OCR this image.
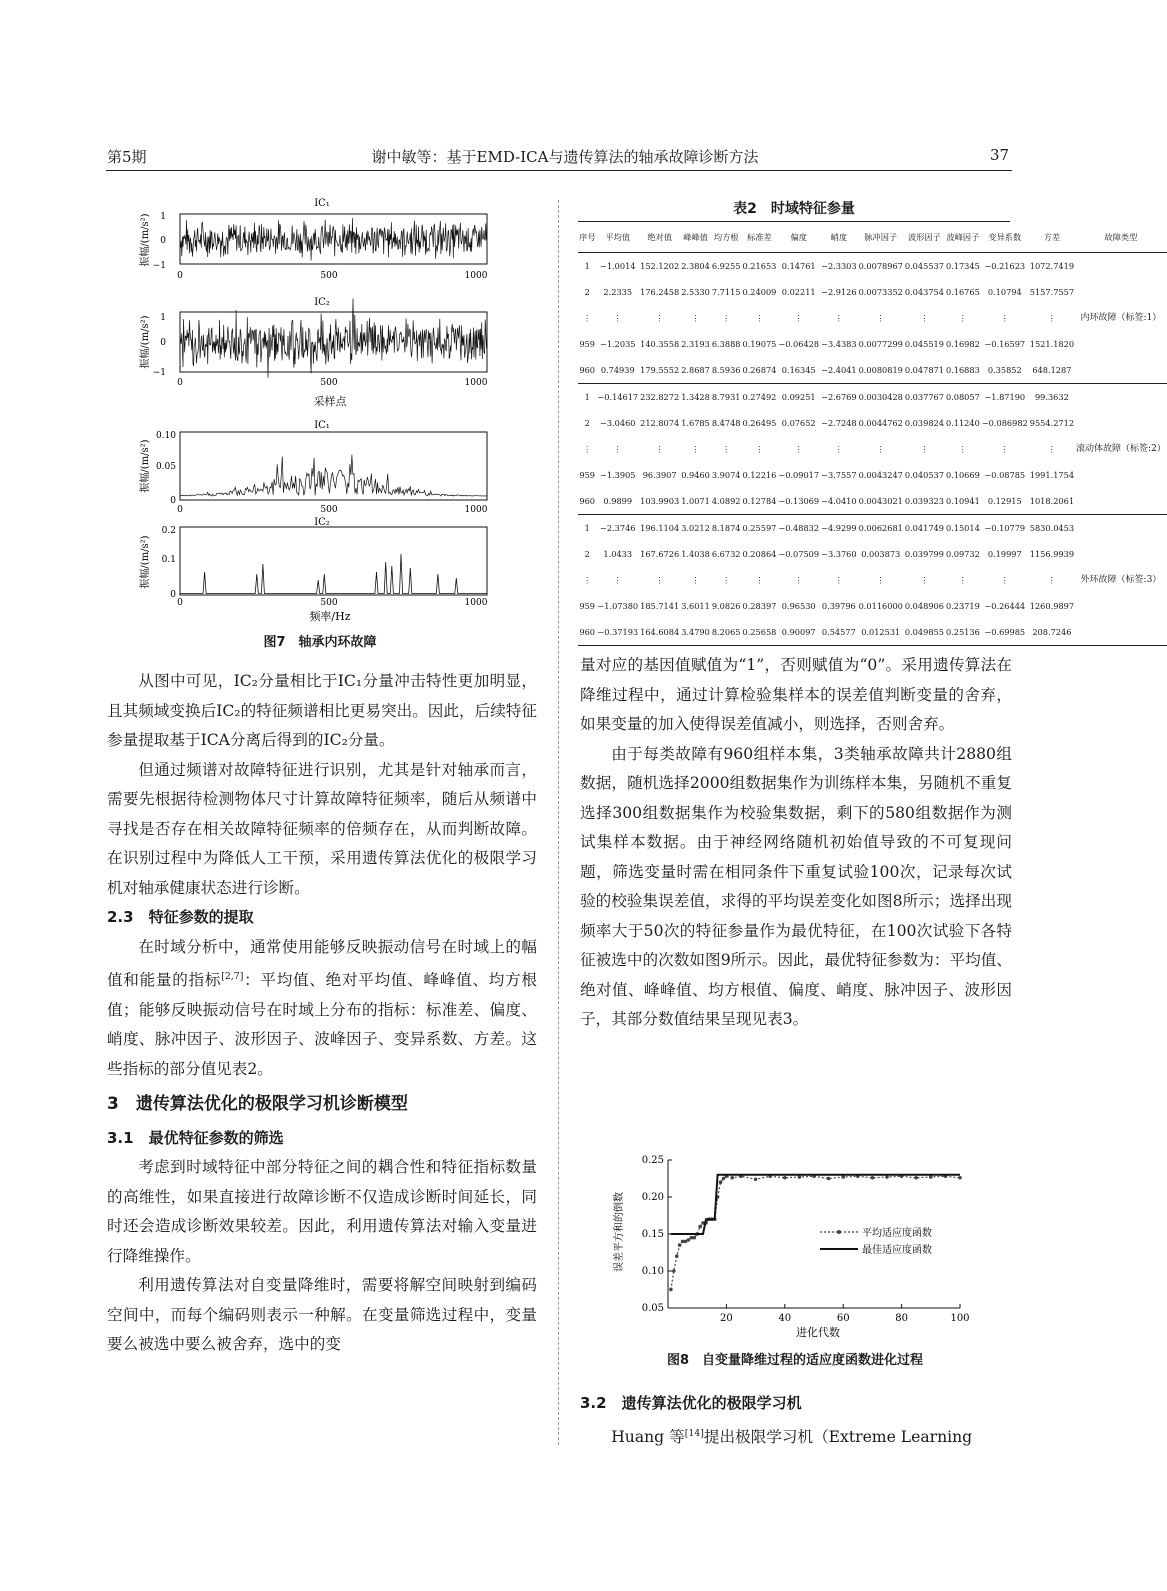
第5期	谢中敏等：基于EMD-ICA与遗传算法的轴承故障诊断方法	37
IC₁
1
0
−1
0	500	1000
振幅/(m/s²)
IC₂
1
0
−1
0	500	1000
采样点
振幅/(m/s²)
IC₁
0.10
0.05
0
0	500	1000
振幅/(m/s²)
IC₂
0.2
0.1
0
0	500	1000
频率/Hz
振幅/(m/s²)
图7　轴承内环故障

从图中可见，IC₂分量相比于IC₁分量冲击特性更加明显，且其频域变换后IC₂的特征频谱相比更易突出。因此，后续特征参量提取基于ICA分离后得到的IC₂分量。

但通过频谱对故障特征进行识别，尤其是针对轴承而言，需要先根据待检测物体尺寸计算故障特征频率，随后从频谱中寻找是否存在相关故障特征频率的倍频存在，从而判断故障。在识别过程中为降低人工干预，采用遗传算法优化的极限学习机对轴承健康状态进行诊断。

2.3　特征参数的提取

在时域分析中，通常使用能够反映振动信号在时域上的幅值和能量的指标[2,7]：平均值、绝对平均值、峰峰值、均方根值；能够反映振动信号在时域上分布的指标：标准差、偏度、峭度、脉冲因子、波形因子、波峰因子、变异系数、方差。这些指标的部分值见表2。

3　遗传算法优化的极限学习机诊断模型

3.1　最优特征参数的筛选

考虑到时域特征中部分特征之间的耦合性和特征指标数量的高维性，如果直接进行故障诊断不仅造成诊断时间延长，同时还会造成诊断效果较差。因此，利用遗传算法对输入变量进行降维操作。

利用遗传算法对自变量降维时，需要将解空间映射到编码空间中，而每个编码则表示一种解。在变量筛选过程中，变量要么被选中要么被舍弃，选中的变

表2　时域特征参量
序号	平均值	绝对值	峰峰值	均方根	标准差	偏度	峭度	脉冲因子	波形因子	波峰因子	变异系数	方差	故障类型
1	−1.0014	152.1202	2.3804	6.9255	0.21653	0.14761	−2.3303	0.0078967	0.045537	0.17345	−0.21623	1072.7419	内环故障（标签:1）
2	2.2335	176.2458	2.5330	7.7115	0.24009	0.02211	−2.9126	0.0073352	0.043754	0.16765	0.10794	5157.7557	
⋮	⋮	⋮	⋮	⋮	⋮	⋮	⋮	⋮	⋮	⋮	⋮	⋮	
959	−1.2035	140.3558	2.3193	6.3888	0.19075	−0.06428	−3.4383	0.0077299	0.045519	0.16982	−0.16597	1521.1820	
960	0.74939	179.5552	2.8687	8.5936	0.26874	0.16345	−2.4041	0.0080819	0.047871	0.16883	0.35852	648.1287	
1	−0.14617	232.8272	1.3428	8.7931	0.27492	0.09251	−2.6769	0.0030428	0.037767	0.08057	−1.87190	99.3632	滚动体故障（标签:2）
2	−3.0460	212.8074	1.6785	8.4748	0.26495	0.07652	−2.7248	0.0044762	0.039824	0.11240	−0.086982	9554.2712	
⋮	⋮	⋮	⋮	⋮	⋮	⋮	⋮	⋮	⋮	⋮	⋮	⋮	
959	−1.3905	96.3907	0.9460	3.9074	0.12216	−0.09017	−3.7557	0.0043247	0.040537	0.10669	−0.08785	1991.1754	
960	0.9899	103.9903	1.0071	4.0892	0.12784	−0.13069	−4.0410	0.0043021	0.039323	0.10941	0.12915	1018.2061	
1	−2.3746	196.1104	3.0212	8.1874	0.25597	−0.48832	−4.9299	0.0062681	0.041749	0.15014	−0.10779	5830.0453	外环故障（标签:3）
2	1.0433	167.6726	1.4038	6.6732	0.20864	−0.07509	−3.3760	0.003873	0.039799	0.09732	0.19997	1156.9939	
⋮	⋮	⋮	⋮	⋮	⋮	⋮	⋮	⋮	⋮	⋮	⋮	⋮	
959	−1.07380	185.7141	3.6011	9.0826	0.28397	0.96530	0.39796	0.0116000	0.048906	0.23719	−0.26444	1260.9897	
960	−0.37193	164.6084	3.4790	8.2065	0.25658	0.90097	0.54577	0.012531	0.049855	0.25136	−0.69985	208.7246	

量对应的基因值赋值为“1”，否则赋值为“0”。采用遗传算法在降维过程中，通过计算检验集样本的误差值判断变量的舍弃，如果变量的加入使得误差值减小，则选择，否则舍弃。

由于每类故障有960组样本集，3类轴承故障共计2880组数据，随机选择2000组数据集作为训练样本集，另随机不重复选择300组数据集作为校验集数据，剩下的580组数据作为测试集样本数据。由于神经网络随机初始值导致的不可复现问题，筛选变量时需在相同条件下重复试验100次，记录每次试验的校验集误差值，求得的平均误差变化如图8所示；选择出现频率大于50次的特征参量作为最优特征，在100次试验下各特征被选中的次数如图9所示。因此，最优特征参数为：平均值、绝对值、峰峰值、均方根值、偏度、峭度、脉冲因子、波形因子，其部分数值结果呈现见表3。

误差平方和的倒数
进化代数
0.05
0.10
0.15
0.20
0.25
20	40	60	80	100
平均适应度函数
最佳适应度函数
图8　自变量降维过程的适应度函数进化过程

3.2　遗传算法优化的极限学习机

Huang 等[14]提出极限学习机（Extreme Learning
